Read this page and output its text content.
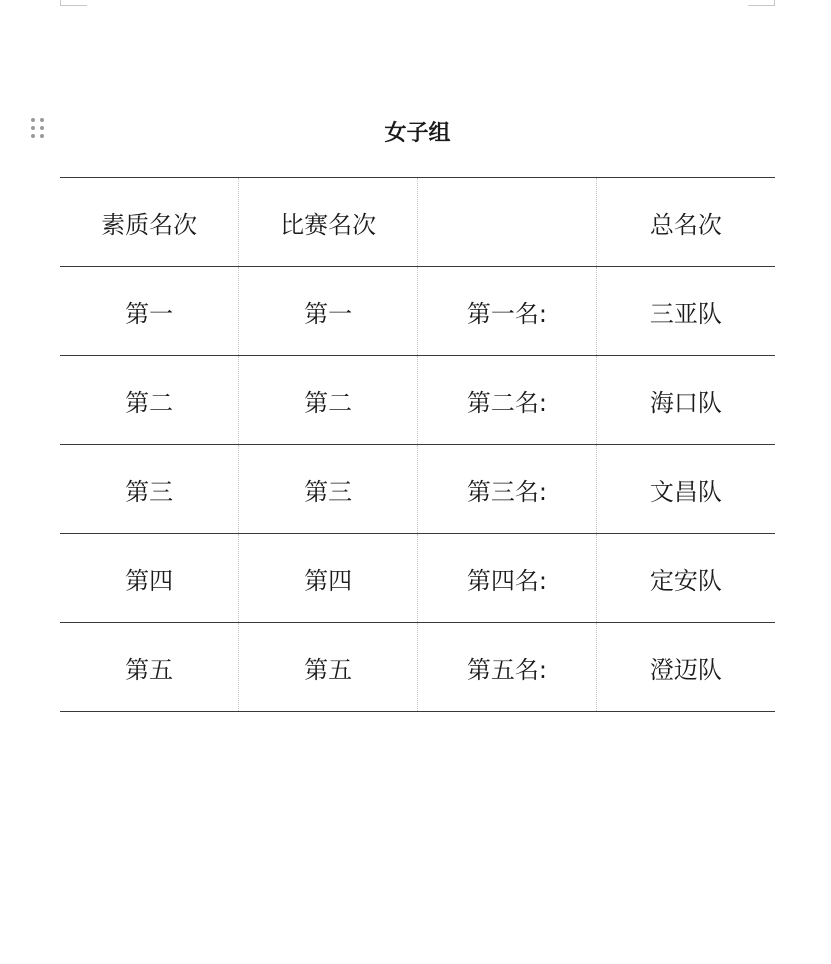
女子组
素质名次	比赛名次		总名次
第一	第一	第一名:	三亚队
第二	第二	第二名:	海口队
第三	第三	第三名:	文昌队
第四	第四	第四名:	定安队
第五	第五	第五名:	澄迈队
